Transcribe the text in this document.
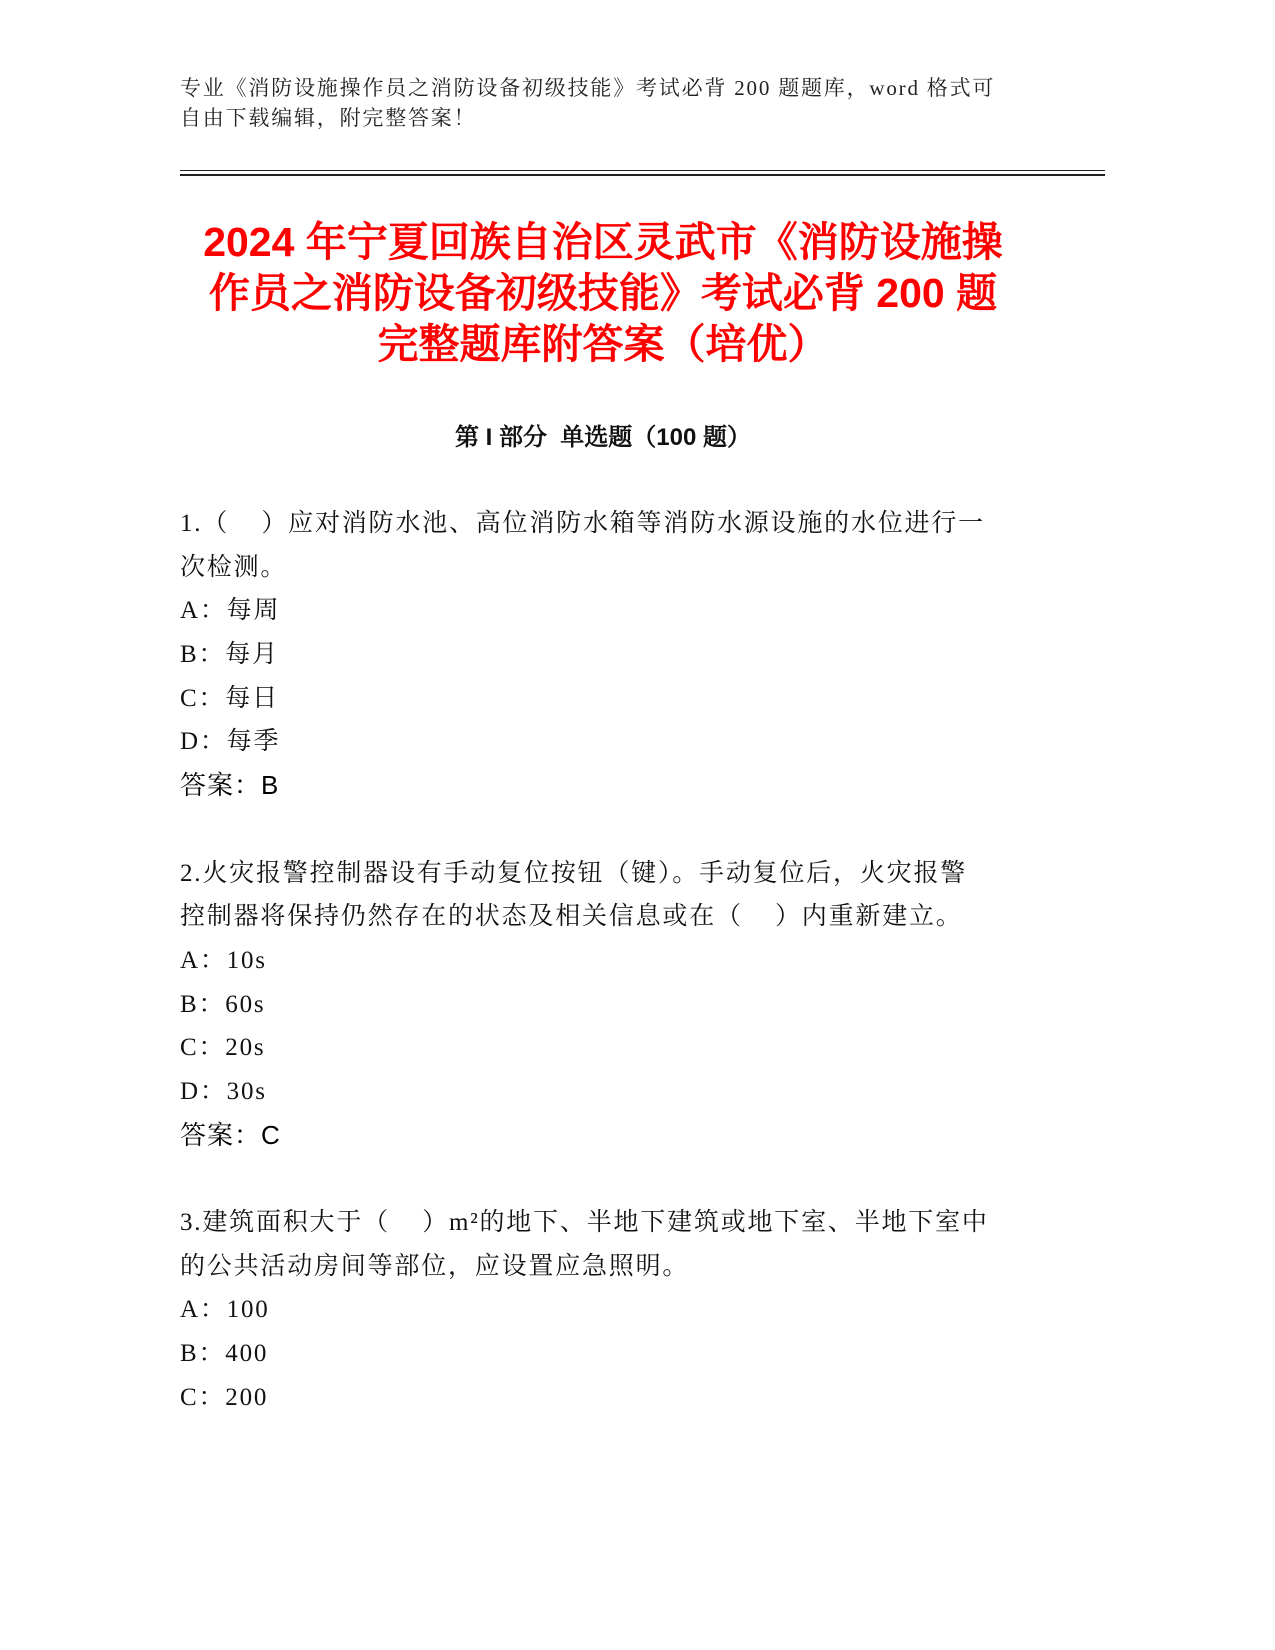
专业《消防设施操作员之消防设备初级技能》考试必背 200 题题库，word 格式可
自由下载编辑，附完整答案！
2024 年宁夏回族自治区灵武市《消防设施操
作员之消防设备初级技能》考试必背 200 题
完整题库附答案（培优）
第 I 部分  单选题（100 题）
1.（    ）应对消防水池、高位消防水箱等消防水源设施的水位进行一
次检测。
A：每周
B：每月
C：每日
D：每季
答案：B
2.火灾报警控制器设有手动复位按钮（键）。手动复位后，火灾报警
控制器将保持仍然存在的状态及相关信息或在（    ）内重新建立。
A：10s
B：60s
C：20s
D：30s
答案：C
3.建筑面积大于（    ）m²的地下、半地下建筑或地下室、半地下室中
的公共活动房间等部位，应设置应急照明。
A：100
B：400
C：200
